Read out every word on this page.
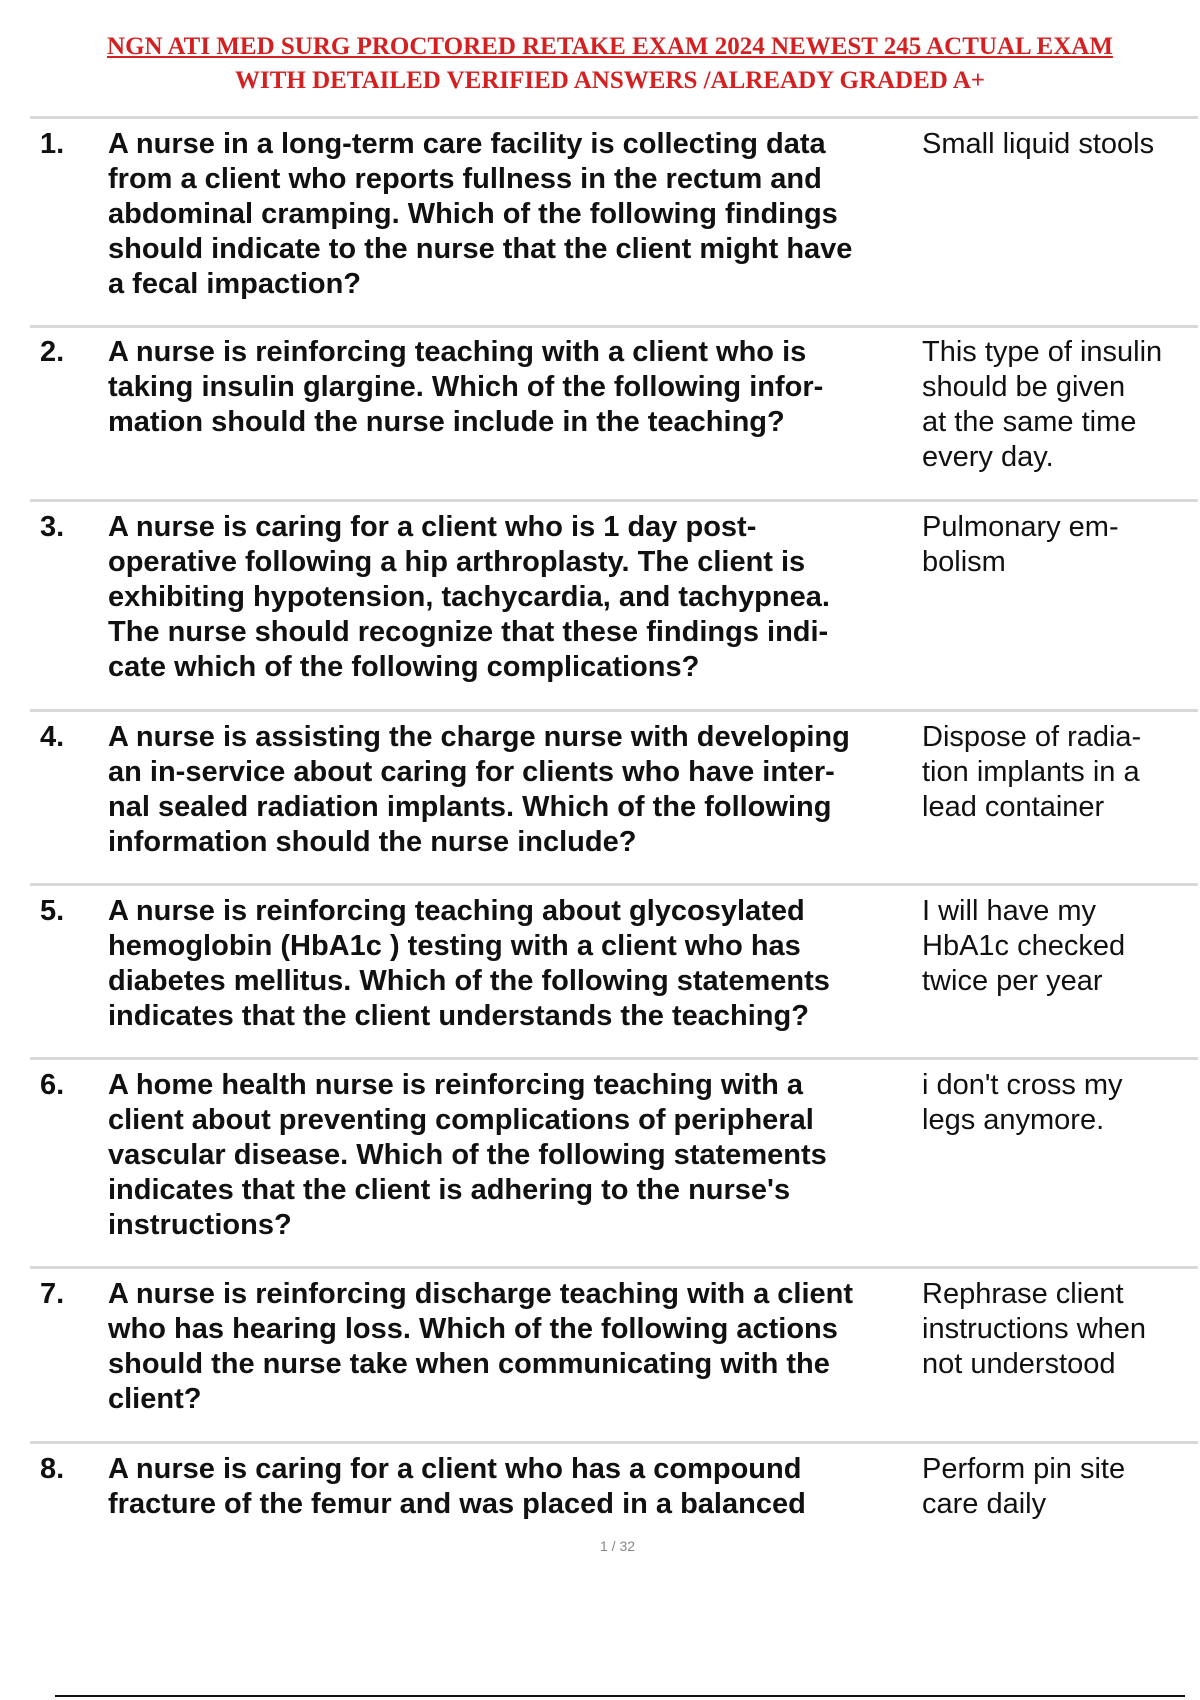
NGN ATI MED SURG PROCTORED RETAKE EXAM 2024 NEWEST 245 ACTUAL EXAM
WITH DETAILED VERIFIED ANSWERS /ALREADY GRADED A+
1. A nurse in a long-term care facility is collecting data
from a client who reports fullness in the rectum and
abdominal cramping. Which of the following findings
should indicate to the nurse that the client might have
a fecal impaction?
Small liquid stools
2. A nurse is reinforcing teaching with a client who is
taking insulin glargine. Which of the following infor-
mation should the nurse include in the teaching?
This type of insulin
should be given
at the same time
every day.
3. A nurse is caring for a client who is 1 day post-
operative following a hip arthroplasty. The client is
exhibiting hypotension, tachycardia, and tachypnea.
The nurse should recognize that these findings indi-
cate which of the following complications?
Pulmonary em-
bolism
4. A nurse is assisting the charge nurse with developing
an in-service about caring for clients who have inter-
nal sealed radiation implants. Which of the following
information should the nurse include?
Dispose of radia-
tion implants in a
lead container
5. A nurse is reinforcing teaching about glycosylated
hemoglobin (HbA1c ) testing with a client who has
diabetes mellitus. Which of the following statements
indicates that the client understands the teaching?
I will have my
HbA1c checked
twice per year
6. A home health nurse is reinforcing teaching with a
client about preventing complications of peripheral
vascular disease. Which of the following statements
indicates that the client is adhering to the nurse's
instructions?
i don't cross my
legs anymore.
7. A nurse is reinforcing discharge teaching with a client
who has hearing loss. Which of the following actions
should the nurse take when communicating with the
client?
Rephrase client
instructions when
not understood
8. A nurse is caring for a client who has a compound
fracture of the femur and was placed in a balanced
Perform pin site
care daily
1 / 32
